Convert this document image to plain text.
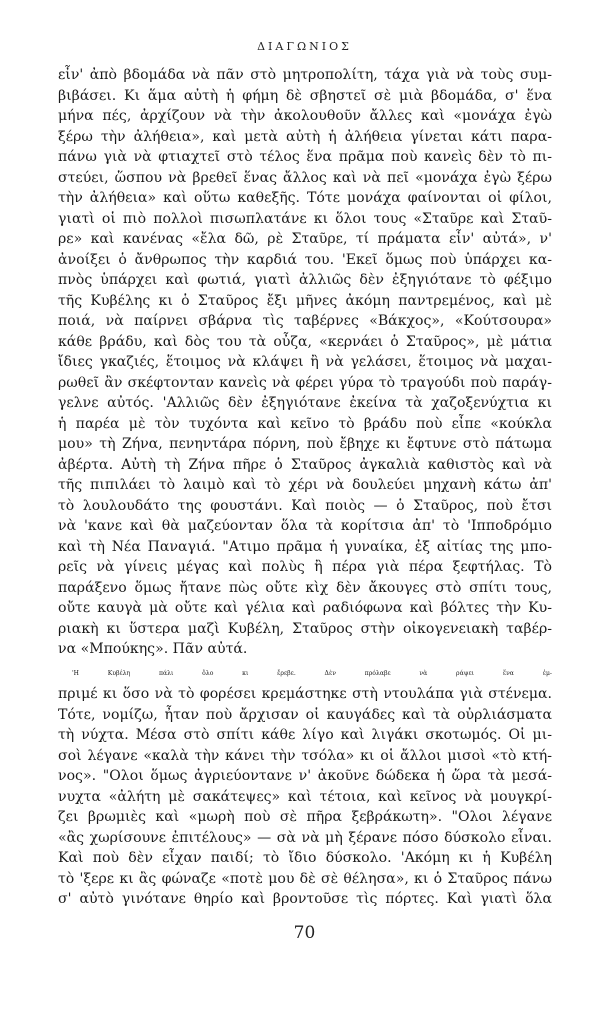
ΔΙΑΓΩΝΙΟΣ
εἶν' ἀπὸ βδομάδα νὰ πᾶν στὸ μητροπολίτη, τάχα γιὰ νὰ τοὺς συμ-
βιβάσει. Κι ἅμα αὐτὴ ἡ φήμη δὲ σβηστεῖ σὲ μιὰ βδομάδα, σ' ἕνα
μήνα πές, ἀρχίζουν νὰ τὴν ἀκολουθοῦν ἄλλες καὶ «μονάχα ἐγὼ
ξέρω τὴν ἀλήθεια», καὶ μετὰ αὐτὴ ἡ ἀλήθεια γίνεται κάτι παρα-
πάνω γιὰ νὰ φτιαχτεῖ στὸ τέλος ἕνα πρᾶμα ποὺ κανεὶς δὲν τὸ πι-
στεύει, ὥσπου νὰ βρεθεῖ ἕνας ἄλλος καὶ νὰ πεῖ «μονάχα ἐγὼ ξέρω
τὴν ἀλήθεια» καὶ οὕτω καθεξῆς. Τότε μονάχα φαίνονται οἱ φίλοι,
γιατὶ οἱ πιὸ πολλοὶ πισωπλατάνε κι ὅλοι τους «Σταῦρε καὶ Σταῦ-
ρε» καὶ κανένας «ἔλα δῶ, ρὲ Σταῦρε, τί πράματα εἶν' αὐτά», ν'
ἀνοίξει ὁ ἄνθρωπος τὴν καρδιά του. 'Εκεῖ ὅμως ποὺ ὑπάρχει κα-
πνὸς ὑπάρχει καὶ φωτιά, γιατὶ ἀλλιῶς δὲν ἐξηγιότανε τὸ φέξιμο
τῆς Κυβέλης κι ὁ Σταῦρος ἔξι μῆνες ἀκόμη παντρεμένος, καὶ μὲ
ποιά, νὰ παίρνει σβάρνα τὶς ταβέρνες «Βάκχος», «Κούτσουρα»
κάθε βράδυ, καὶ δὸς του τὰ οὖζα, «κερνάει ὁ Σταῦρος», μὲ μάτια
ἴδιες γκαζιές, ἕτοιμος νὰ κλάψει ἢ νὰ γελάσει, ἕτοιμος νὰ μαχαι-
ρωθεῖ ἂν σκέφτονταν κανεὶς νὰ φέρει γύρα τὸ τραγούδι ποὺ παράγ-
γελνε αὐτός. 'Αλλιῶς δὲν ἐξηγιότανε ἐκείνα τὰ χαζοξενύχτια κι
ἡ παρέα μὲ τὸν τυχόντα καὶ κεῖνο τὸ βράδυ ποὺ εἶπε «κούκλα
μου» τὴ Ζήνα, πενηντάρα πόρνη, ποὺ ἔβηχε κι ἔφτυνε στὸ πάτωμα
ἀβέρτα. Αὐτὴ τὴ Ζήνα πῆρε ὁ Σταῦρος ἀγκαλιὰ καθιστὸς καὶ νὰ
τῆς πιπιλάει τὸ λαιμὸ καὶ τὸ χέρι νὰ δουλεύει μηχανὴ κάτω ἀπ'
τὸ λουλουδάτο της φουστάνι. Καὶ ποιὸς — ὁ Σταῦρος, ποὺ ἔτσι
νὰ 'κανε καὶ θὰ μαζεύονταν ὅλα τὰ κορίτσια ἀπ' τὸ 'Ιπποδρόμιο
καὶ τὴ Νέα Παναγιά. "Ατιμο πρᾶμα ἡ γυναίκα, ἐξ αἰτίας της μπο-
ρεῖς νὰ γίνεις μέγας καὶ πολὺς ἢ πέρα γιὰ πέρα ξεφτήλας. Τὸ
παράξενο ὅμως ἤτανε πὼς οὔτε κὶχ δὲν ἄκουγες στὸ σπίτι τους,
οὔτε καυγὰ μὰ οὔτε καὶ γέλια καὶ ραδιόφωνα καὶ βόλτες τὴν Κυ-
ριακὴ κι ὕστερα μαζὶ Κυβέλη, Σταῦρος στὴν οἰκογενειακὴ ταβέρ-
να «Μπούκης». Πᾶν αὐτά.
'Η Κυβέλη πάλι ὅλο κι ἔρεβε. Δὲν πρόλαβε νὰ ράψει ἕνα ἐμ-
πριμέ κι ὅσο νὰ τὸ φορέσει κρεμάστηκε στὴ ντουλάπα γιὰ στένεμα.
Τότε, νομίζω, ἦταν ποὺ ἄρχισαν οἱ καυγάδες καὶ τὰ οὐρλιάσματα
τὴ νύχτα. Μέσα στὸ σπίτι κάθε λίγο καὶ λιγάκι σκοτωμός. Οἱ μι-
σοὶ λέγανε «καλὰ τὴν κάνει τὴν τσόλα» κι οἱ ἄλλοι μισοὶ «τὸ κτή-
νος». "Ολοι ὅμως ἀγριεύοντανε ν' ἀκοῦνε δώδεκα ἡ ὥρα τὰ μεσά-
νυχτα «ἀλήτη μὲ σακάτεψες» καὶ τέτοια, καὶ κεῖνος νὰ μουγκρί-
ζει βρωμιὲς καὶ «μωρὴ ποὺ σὲ πῆρα ξεβράκωτη». "Ολοι λέγανε
«ἂς χωρίσουνε ἐπιτέλους» — σὰ νὰ μὴ ξέρανε πόσο δύσκολο εἶναι.
Καὶ ποὺ δὲν εἶχαν παιδί; τὸ ἴδιο δύσκολο. 'Ακόμη κι ἡ Κυβέλη
τὸ 'ξερε κι ἂς φώναζε «ποτὲ μου δὲ σὲ θέλησα», κι ὁ Σταῦρος πάνω
σ' αὐτὸ γινότανε θηρίο καὶ βροντοῦσε τὶς πόρτες. Καὶ γιατὶ ὅλα
70
